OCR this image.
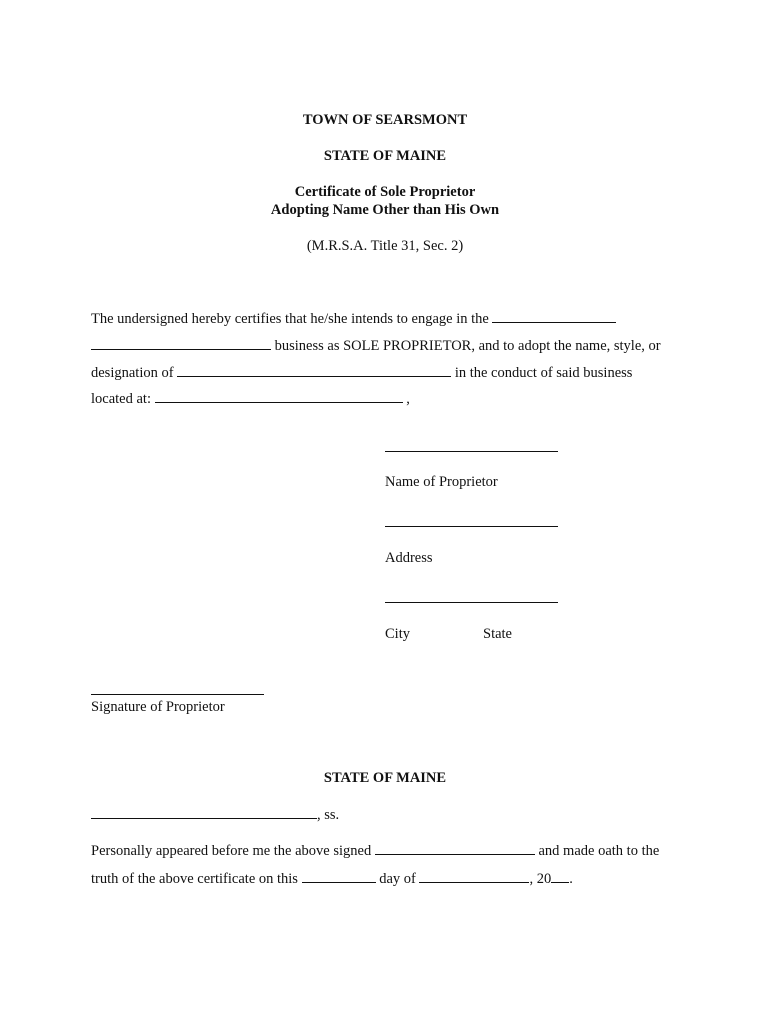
TOWN OF SEARSMONT
STATE OF MAINE
Certificate of Sole Proprietor
Adopting Name Other than His Own
(M.R.S.A. Title 31, Sec. 2)
The undersigned hereby certifies that he/she intends to engage in the
business as SOLE PROPRIETOR, and to adopt the name, style, or
designation of	in the conduct of said business
located at:	,
Name of Proprietor
Address
City	State
Signature of Proprietor
STATE OF MAINE
, ss.
Personally appeared before me the above signed	and made oath to the
truth of the above certificate on this	day of	, 20 .
